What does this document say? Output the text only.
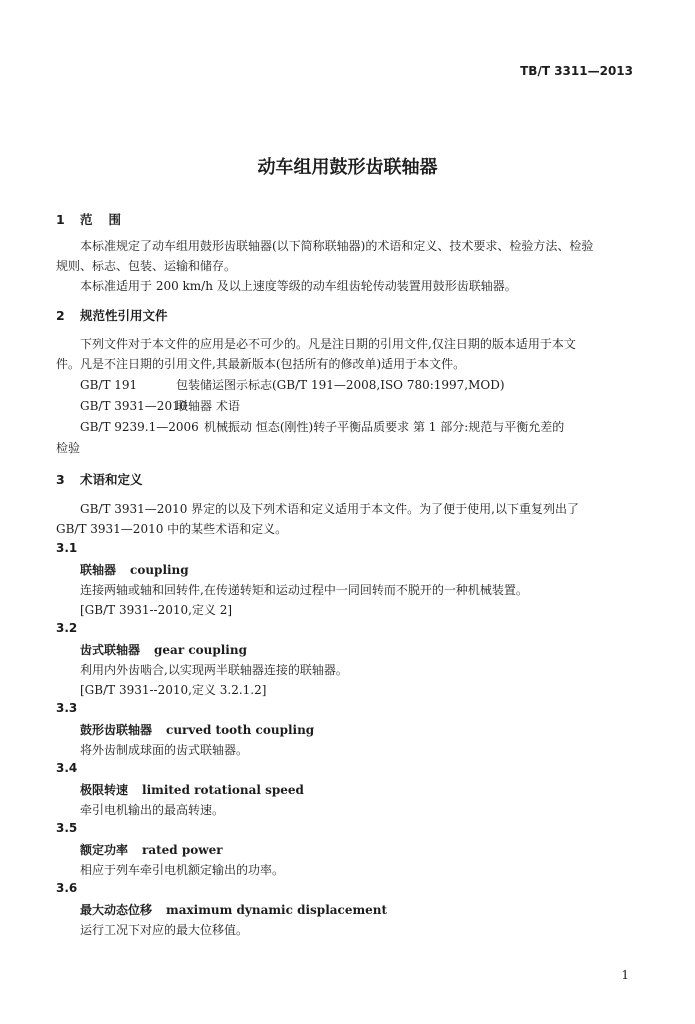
TB/T 3311—2013
动车组用鼓形齿联轴器
1 范围
本标准规定了动车组用鼓形齿联轴器(以下简称联轴器)的术语和定义、技术要求、检验方法、检验
规则、标志、包装、运输和储存。
本标准适用于 200 km/h 及以上速度等级的动车组齿轮传动装置用鼓形齿联轴器。
2 规范性引用文件
下列文件对于本文件的应用是必不可少的。凡是注日期的引用文件,仅注日期的版本适用于本文
件。凡是不注日期的引用文件,其最新版本(包括所有的修改单)适用于本文件。
GB/T 191	包装储运图示标志(GB/T 191—2008,ISO 780:1997,MOD)
GB/T 3931—2010联轴器 术语
GB/T 9239.1—2006 机械振动 恒态(刚性)转子平衡品质要求 第 1 部分:规范与平衡允差的
检验
3 术语和定义
GB/T 3931—2010 界定的以及下列术语和定义适用于本文件。为了便于使用,以下重复列出了
GB/T 3931—2010 中的某些术语和定义。
3.1
联轴器 coupling
连接两轴或轴和回转件,在传递转矩和运动过程中一同回转而不脱开的一种机械装置。
[GB/T 3931--2010,定义 2]
3.2
齿式联轴器 gear coupling
利用内外齿啮合,以实现两半联轴器连接的联轴器。
[GB/T 3931--2010,定义 3.2.1.2]
3.3
鼓形齿联轴器 curved tooth coupling
将外齿制成球面的齿式联轴器。
3.4
极限转速 limited rotational speed
牵引电机输出的最高转速。
3.5
额定功率 rated power
相应于列车牵引电机额定输出的功率。
3.6
最大动态位移 maximum dynamic displacement
运行工况下对应的最大位移值。
1
